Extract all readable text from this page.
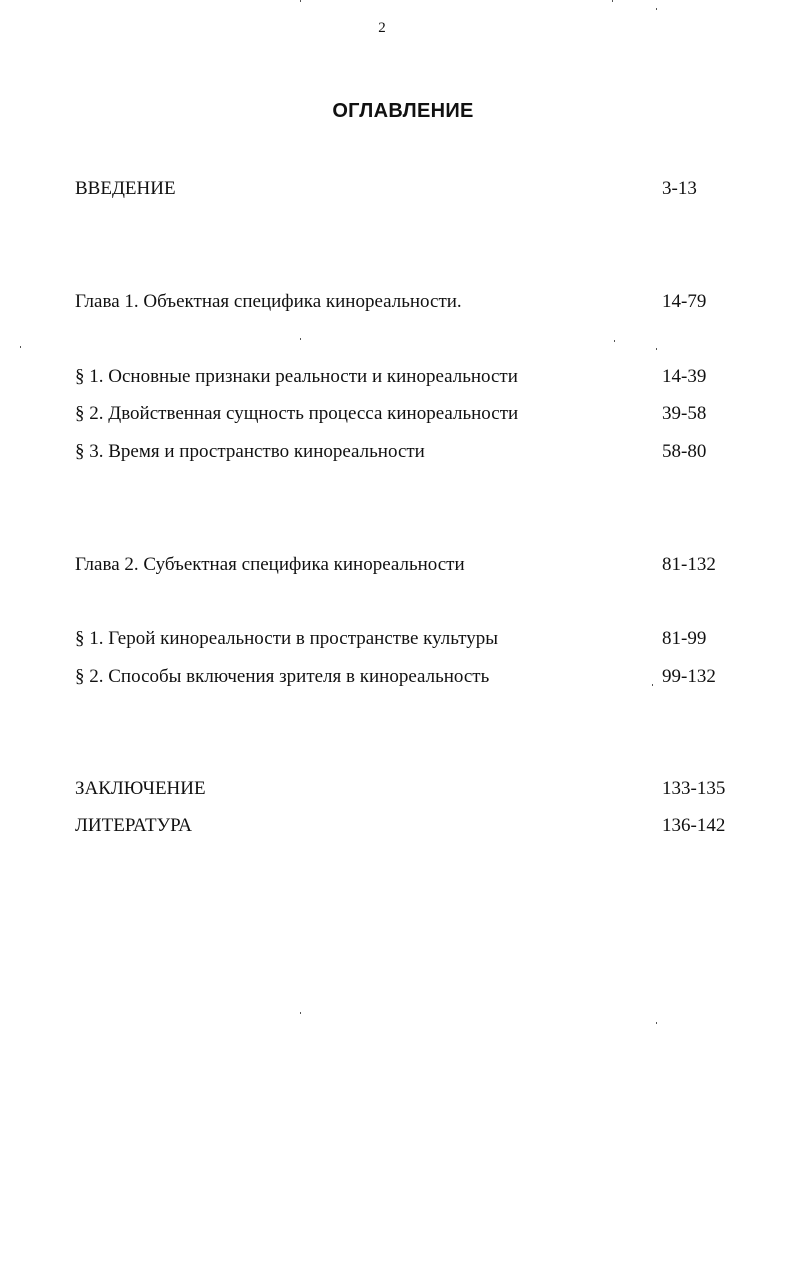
2
ОГЛАВЛЕНИЕ
ВВЕДЕНИЕ	3-13
Глава 1. Объектная специфика кинореальности.	14-79
§ 1. Основные признаки реальности и кинореальности	14-39
§ 2. Двойственная сущность процесса кинореальности	39-58
§ 3. Время и пространство кинореальности	58-80
Глава 2. Субъектная специфика кинореальности	81-132
§ 1. Герой кинореальности в пространстве культуры	81-99
§ 2. Способы включения зрителя в кинореальность	99-132
ЗАКЛЮЧЕНИЕ	133-135
ЛИТЕРАТУРА	136-142
